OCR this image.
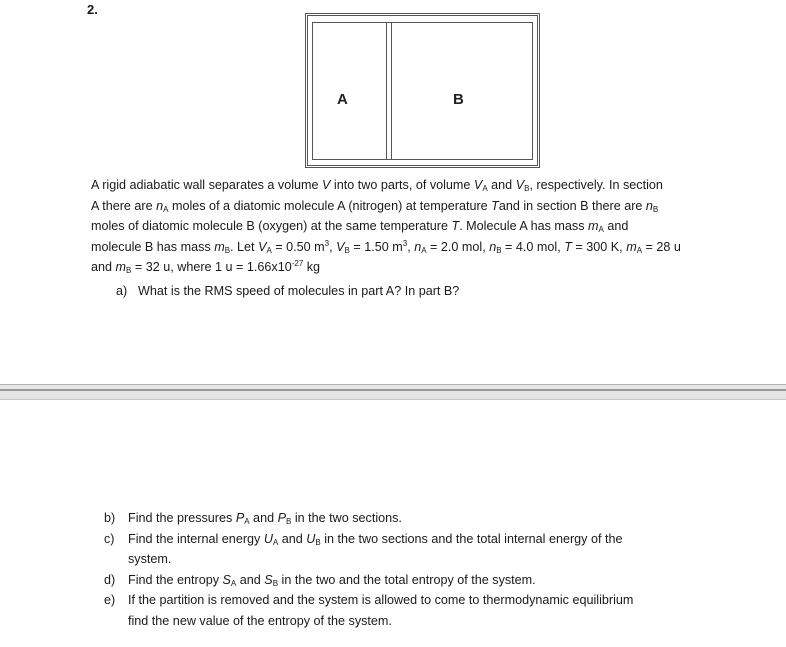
2.
A	B

A rigid adiabatic wall separates a volume V into two parts, of volume $V_A$ and $V_B$, respectively. In section

A there are $n_A$ moles of a diatomic molecule A (nitrogen) at temperature Tand in section B there are $n_B$

moles of diatomic molecule B (oxygen) at the same temperature T. Molecule A has mass $m_A$ and

molecule B has mass $m_B$. Let $V_A = 0.50$ $m^3$, $V_B = 1.50$ $m^3$, $n_A = 2.0$ mol, $n_B = 4.0$ mol, T = 300 K, $m_A = 28$ u

and $m_B = 32$ u, where 1 $u = 1.66x10^{-27}$ kg

a) What is the RMS speed of molecules in part A? In part B?
b) Find the pressures $P_A$ and $P_B$ in the two sections.
c) Find the internal energy $U_A$ and $U_B$ in the two sections and the total internal energy of the
system.
d) Find the entropy $S_A$ and $S_B$ in the two and the total entropy of the system.
e) If the partition is removed and the system is allowed to come to thermodynamic equilibrium
find the new value of the entropy of the system.
